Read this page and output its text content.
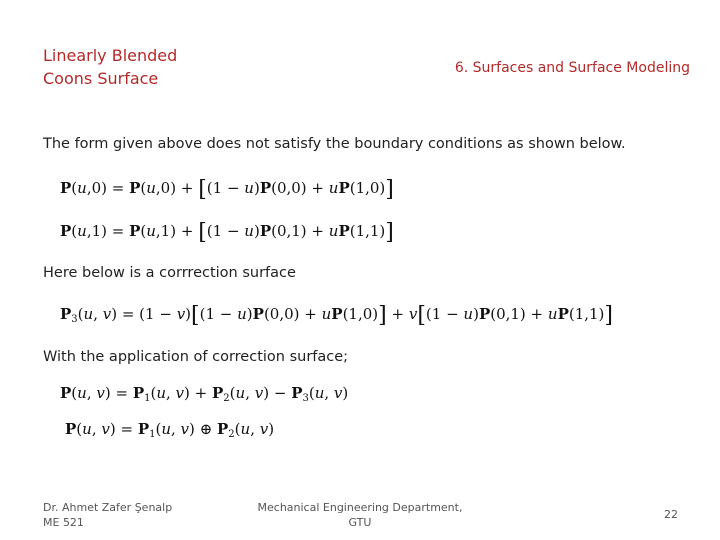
Linearly Blended
Coons Surface
6. Surfaces and Surface Modeling
The form given above does not satisfy the boundary conditions as shown below.
P(u,0) = P(u,0) + [(1 − u)P(0,0) + uP(1,0)]
P(u,1) = P(u,1) + [(1 − u)P(0,1) + uP(1,1)]
Here below is a corrrection surface
$P_3(u$, v) = (1 − v)[(1 − u)P(0,0) + uP(1,0)] + v[(1 − u)P(0,1) + uP(1,1)]
With the application of correction surface;
P(u, $v) = P_1(u$, $v) + P_2(u$, $v) - P_3(u$, v)
P(u, $v) = P_1(u$, v) ⊕ $P_2(u$, v)
Dr. Ahmet Zafer Şenalp
ME 521
Mechanical Engineering Department,
GTU
22
